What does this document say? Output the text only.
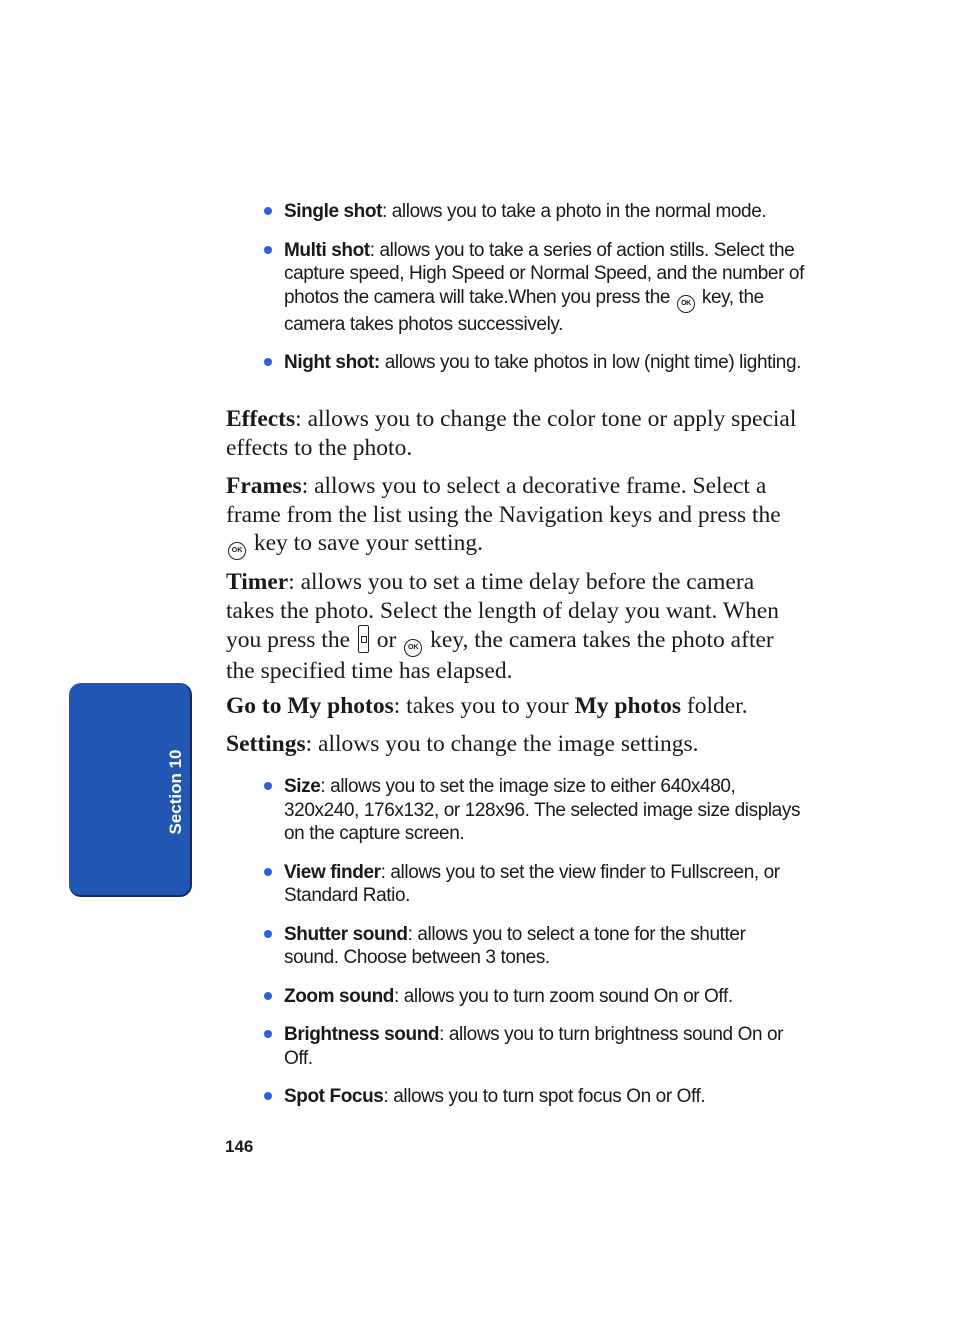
Section 10
Single shot: allows you to take a photo in the normal mode.
Multi shot: allows you to take a series of action stills. Select the capture speed, High Speed or Normal Speed, and the number of photos the camera will take.When you press the OK key, the camera takes photos successively.
Night shot: allows you to take photos in low (night time) lighting.
Effects: allows you to change the color tone or apply special effects to the photo.
Frames: allows you to select a decorative frame. Select a frame from the list using the Navigation keys and press the OK key to save your setting.
Timer: allows you to set a time delay before the camera takes the photo. Select the length of delay you want. When you press the  or OK key, the camera takes the photo after the specified time has elapsed.
Go to My photos: takes you to your My photos folder.
Settings: allows you to change the image settings.
Size: allows you to set the image size to either 640x480, 320x240, 176x132, or 128x96. The selected image size displays on the capture screen.
View finder: allows you to set the view finder to Fullscreen, or Standard Ratio.
Shutter sound: allows you to select a tone for the shutter sound. Choose between 3 tones.
Zoom sound: allows you to turn zoom sound On or Off.
Brightness sound: allows you to turn brightness sound On or Off.
Spot Focus: allows you to turn spot focus On or Off.
146
